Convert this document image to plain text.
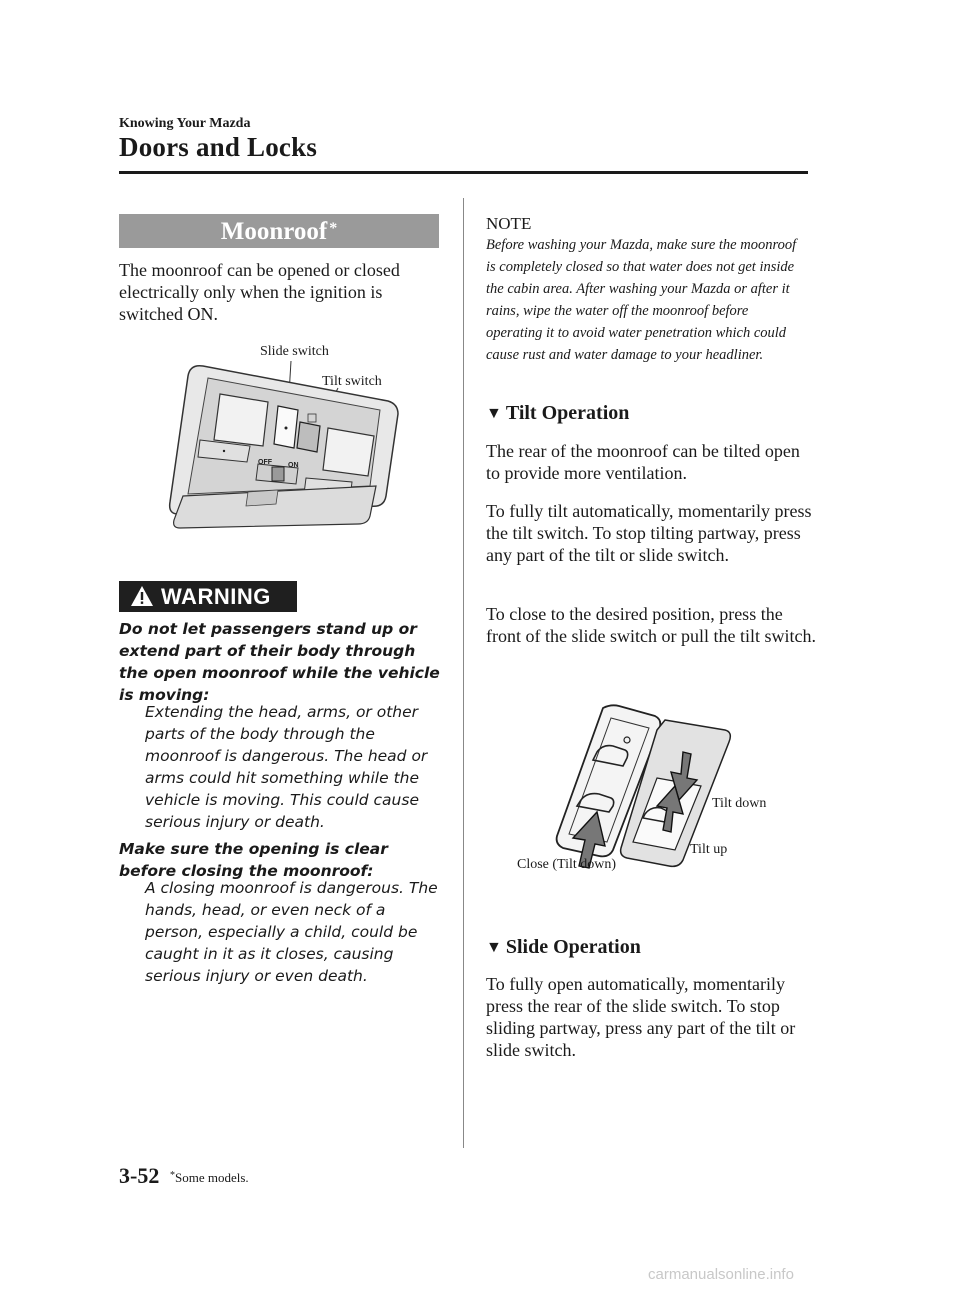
Knowing Your Mazda
Doors and Locks
Moonroof *
The moonroof can be opened or closed electrically only when the ignition is switched ON.
OFF ON
Slide switch
Tilt switch
WARNING
Do not let passengers stand up or extend part of their body through the open moonroof while the vehicle is moving:
Extending the head, arms, or other parts of the body through the moonroof is dangerous. The head or arms could hit something while the vehicle is moving. This could cause serious injury or death.
Make sure the opening is clear before closing the moonroof:
A closing moonroof is dangerous. The hands, head, or even neck of a person, especially a child, could be caught in it as it closes, causing serious injury or even death.
NOTE
Before washing your Mazda, make sure the moonroof is completely closed so that water does not get inside the cabin area. After washing your Mazda or after it rains, wipe the water off the moonroof before operating it to avoid water penetration which could cause rust and water damage to your headliner.
▼ Tilt Operation
The rear of the moonroof can be tilted open to provide more ventilation.
To fully tilt automatically, momentarily press the tilt switch. To stop tilting partway, press any part of the tilt or slide switch.
To close to the desired position, press the front of the slide switch or pull the tilt switch.
Tilt down
Tilt up
Close (Tilt down)
▼ Slide Operation
To fully open automatically, momentarily press the rear of the slide switch. To stop sliding partway, press any part of the tilt or slide switch.
3-52 *Some models.
carmanualsonline.info
